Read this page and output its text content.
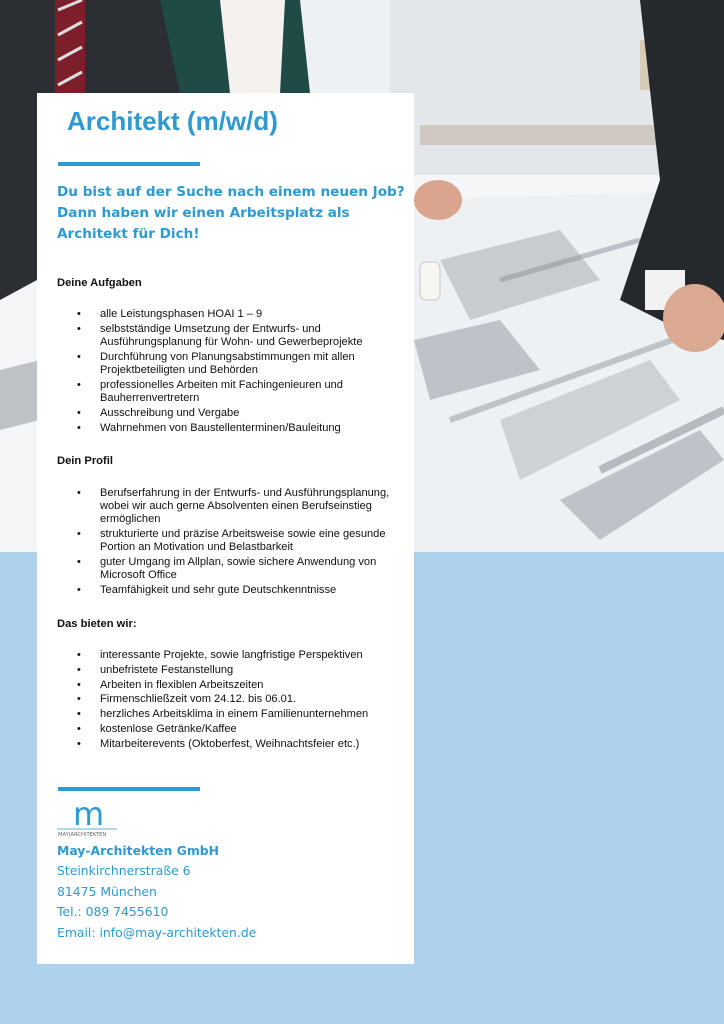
Architekt (m/w/d)

Du bist auf der Suche nach einem neuen Job? Dann haben wir einen Arbeitsplatz als Architekt für Dich!

Deine Aufgaben
• alle Leistungsphasen HOAI 1 – 9
• selbstständige Umsetzung der Entwurfs- und Ausführungsplanung für Wohn- und Gewerbeprojekte
• Durchführung von Planungsabstimmungen mit allen Projektbeteiligten und Behörden
• professionelles Arbeiten mit Fachingenieuren und Bauherrenvertretern
• Ausschreibung und Vergabe
• Wahrnehmen von Baustellenterminen/Bauleitung
Dein Profil
• Berufserfahrung in der Entwurfs- und Ausführungsplanung, wobei wir auch gerne Absolventen einen Berufseinstieg ermöglichen
• strukturierte und präzise Arbeitsweise sowie eine gesunde Portion an Motivation und Belastbarkeit
• guter Umgang im Allplan, sowie sichere Anwendung von Microsoft Office
• Teamfähigkeit und sehr gute Deutschkenntnisse
Das bieten wir:
• interessante Projekte, sowie langfristige Perspektiven
• unbefristete Festanstellung
• Arbeiten in flexiblen Arbeitszeiten
• Firmenschließzeit vom 24.12. bis 06.01.
• herzliches Arbeitsklima in einem Familienunternehmen
• kostenlose Getränke/Kaffee
• Mitarbeiterevents (Oktoberfest, Weihnachtsfeier etc.)
m
MAY|ARCHITEKTEN
May-Architekten GmbH
Steinkirchnerstraße 6
81475 München
Tel.: 089 7455610
Email: info@may-architekten.de
